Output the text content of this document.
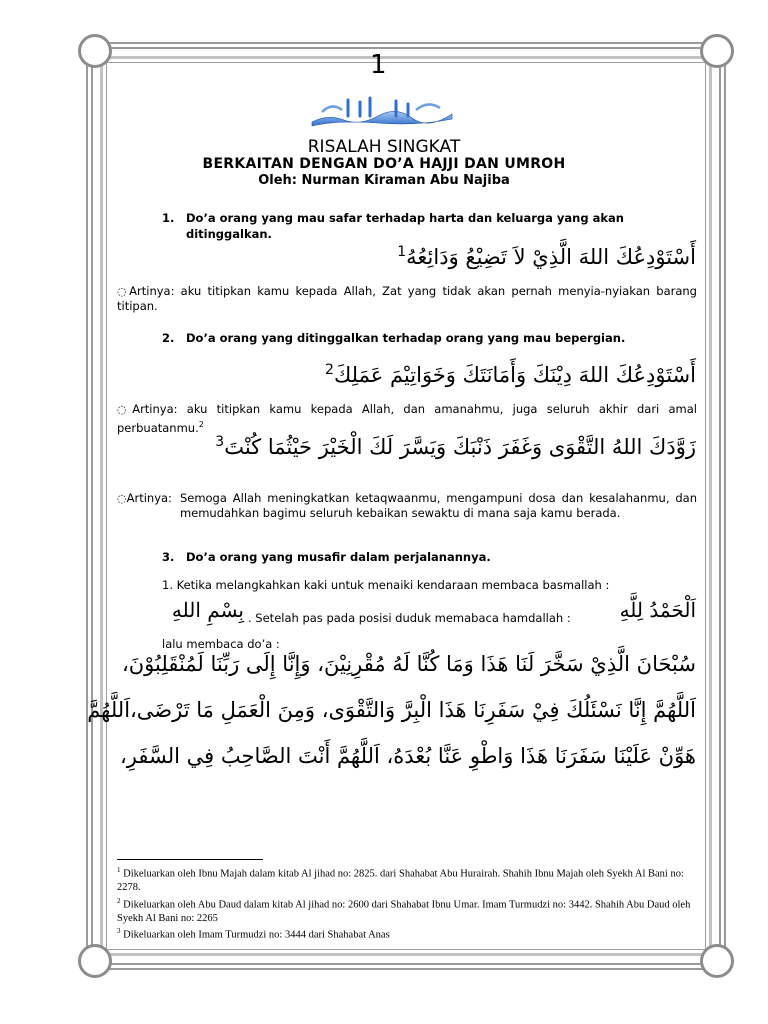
1
RISALAH SINGKAT
BERKAITAN DENGAN DO’A HAJJI DAN UMROH
Oleh: Nurman Kiraman Abu Najiba
1.	Do’a orang yang mau safar terhadap harta dan keluarga yang akan ditinggalkan.
أَسْتَوْدِعُكَ اللهَ الَّذِيْ لاَ تَضِيْعُ وَدَائِعُهُ$^1$
◌Artinya: aku titipkan kamu kepada Allah, Zat yang tidak akan pernah menyia-nyiakan barang titipan.
2.	Do’a orang yang ditinggalkan terhadap orang yang mau bepergian.
أَسْتَوْدِعُكَ اللهَ دِيْنَكَ وَأَمَانَتَكَ وَخَوَاتِيْمَ عَمَلِكَ$^2$
◌Artinya: aku titipkan kamu kepada Allah, dan amanahmu, juga seluruh akhir dari amal perbuatanmu.$^2$
زَوَّدَكَ اللهُ التَّقْوَى وَغَفَرَ ذَنْبَكَ وَيَسَّرَ لَكَ الْخَيْرَ حَيْثُمَا كُنْتَ$^3$
◌Artinya: Semoga Allah meningkatkan ketaqwaanmu, mengampuni dosa dan kesalahanmu, dan memudahkan bagimu seluruh kebaikan sewaktu di mana saja kamu berada.
3.	Do’a orang yang musafir dalam perjalanannya.
1. Ketika melangkahkan kaki untuk menaiki kendaraan membaca basmallah :
اَلْحَمْدُ لِلَّهِ
. Setelah pas pada posisi duduk memabaca hamdallah :
بِسْمِ اللهِ
lalu membaca do’a :
سُبْحَانَ الَّذِيْ سَخَّرَ لَنَا هَذَا وَمَا كُنَّا لَهُ مُقْرِنِيْنَ، وَإِنَّا إِلَى رَبِّنَا لَمُنْقَلِبُوْنَ،
اَللَّهُمَّ إِنَّا نَسْئَلُكَ فِيْ سَفَرِنَا هَذَا الْبِرَّ وَالتَّقْوَى، وَمِنَ الْعَمَلِ مَا تَرْضَى،اَللَّهُمَّ
هَوِّنْ عَلَيْنَا سَفَرَنَا هَذَا وَاطْوِ عَنَّا بُعْدَهُ، اَللَّهُمَّ أَنْتَ الصَّاحِبُ فِي السَّفَرِ،
$^1$ Dikeluarkan oleh Ibnu Majah dalam kitab Al jihad no: 2825. dari Shahabat Abu Hurairah. Shahih Ibnu Majah oleh Syekh Al Bani no: 2278.
$^2$ Dikeluarkan oleh Abu Daud dalam kitab Al jihad no: 2600 dari Shahabat Ibnu Umar. Imam Turmudzi no: 3442. Shahih Abu Daud oleh Syekh Al Bani no: 2265
$^3$ Dikeluarkan oleh Imam Turmudzi no: 3444 dari Shahabat Anas
